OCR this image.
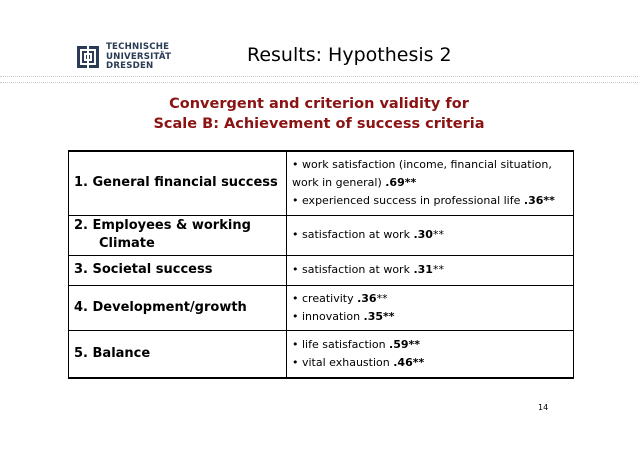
TECHNISCHE
UNIVERSITÄT
DRESDEN
Results: Hypothesis 2
Convergent and criterion validity for
Scale B: Achievement of success criteria
1. General financial success	• work satisfaction (income, financial situation,
work in general) .69**
• experienced success in professional life .36**

2. Employees & working
Climate	• satisfaction at work .30**

3. Societal success	• satisfaction at work .31**

4. Development/growth	• creativity .36**
• innovation .35**

5. Balance	• life satisfaction .59**
• vital exhaustion .46**
14
